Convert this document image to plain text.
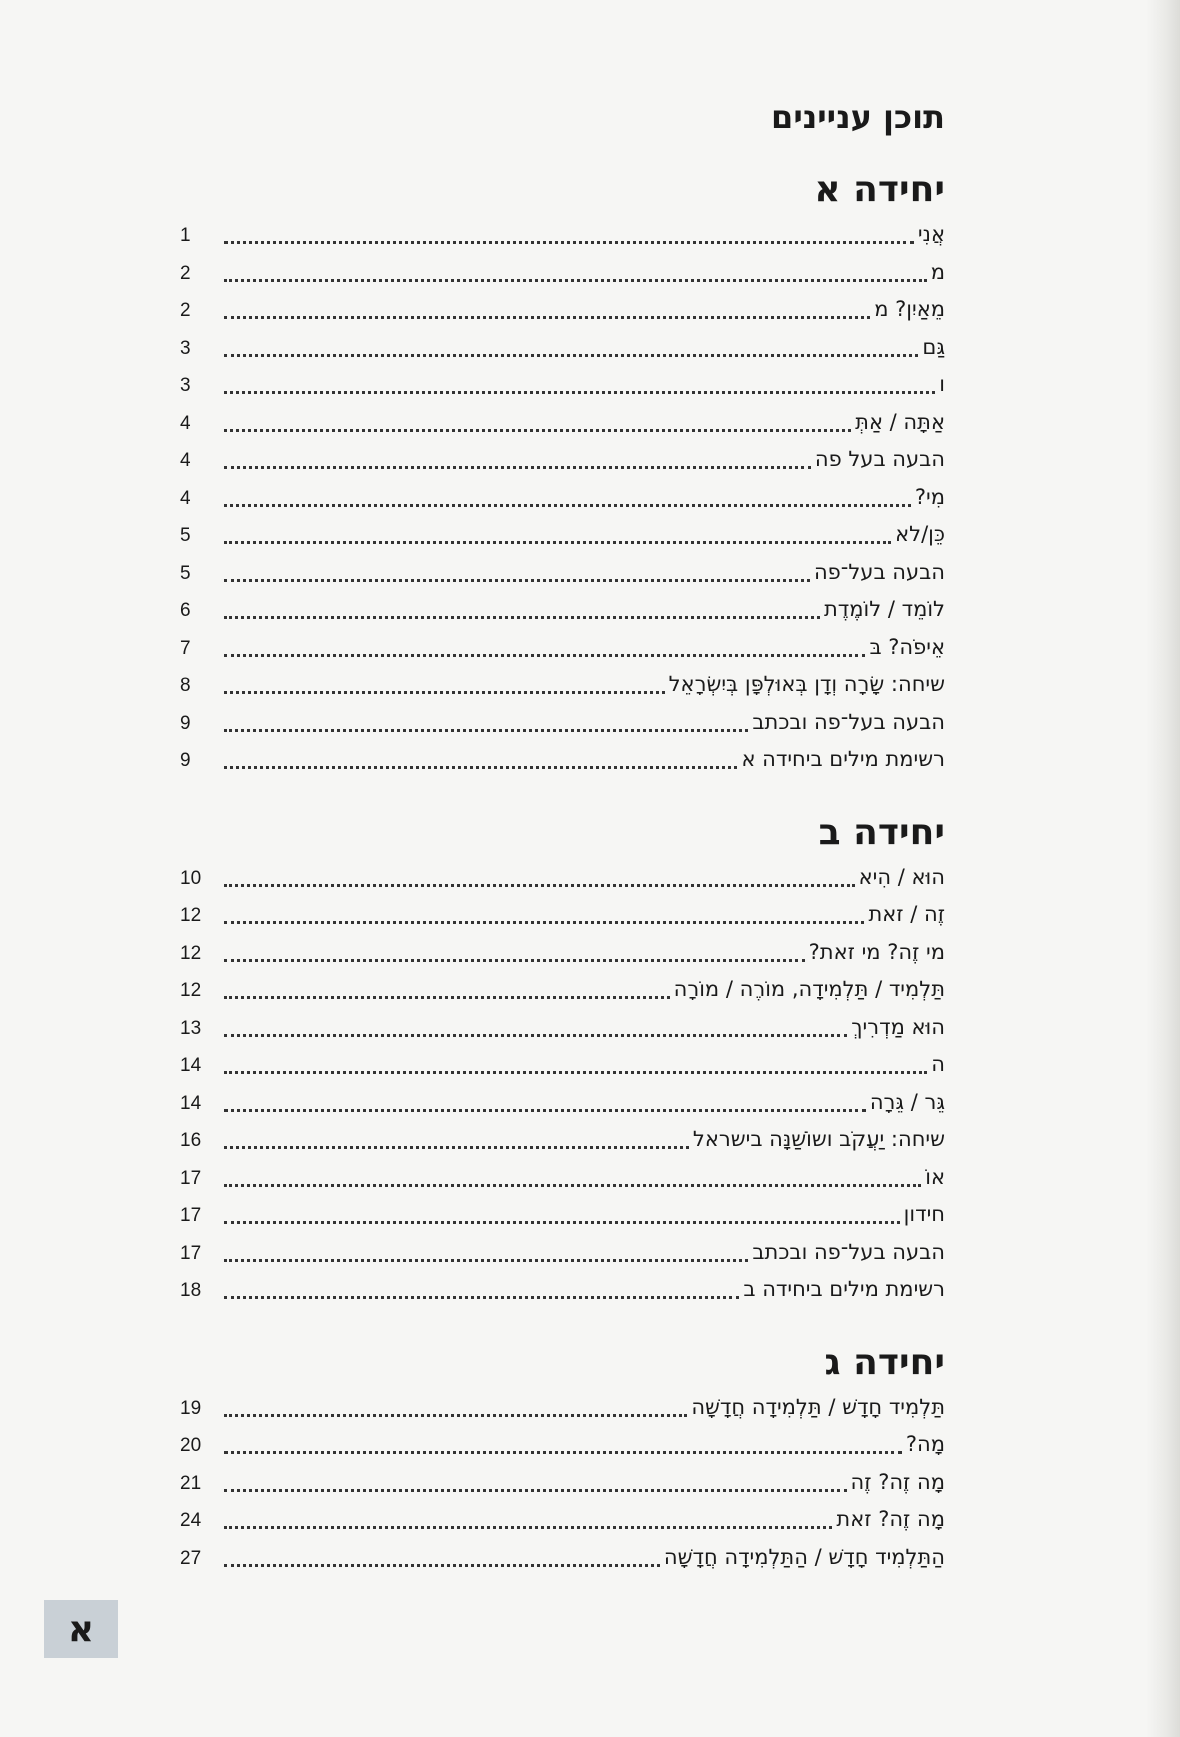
תוכן עניינים
יחידה א
אֲנִי
1
מ
2
מֵאַיִן? מ
2
גַּם
3
ו
3
אַתָּה / אַתְּ
4
הבעה בעל פה
4
מִי?
4
כֵּן/לא
5
הבעה בעל־פה
5
לוֹמֵד / לוֹמֶדֶת
6
אֵיפֹה? בּ
7
שיחה: שָׂרָה וְדָן בְּאוּלְפָּן בְּיִשְׂרָאֵל
8
הבעה בעל־פה ובכתב
9
רשימת מילים ביחידה א
9
יחידה ב
הוּא / הִיא
10
זֶה / זאת
12
מי זֶה? מי זאת?
12
תַּלְמִיד / תַּלְמִידָה, מוֹרֶה / מוֹרָה
12
הוּא מַדְרִיךְ
13
ה
14
גֵּר / גֵּרָה
14
שיחה: יַעֲקֹב ושוֹשַׁנָּה בישראל
16
אוֹ
17
חידון
17
הבעה בעל־פה ובכתב
17
רשימת מילים ביחידה ב
18
יחידה ג
תַּלְמִיד חָדָשׁ / תַּלְמִידָה חֲדָשָׁה
19
מָה?
20
מָה זֶה? זֶה
21
מָה זֶה? זאת
24
הַתַּלְמִיד חָדָשׁ / הַתַּלְמִידָה חֲדָשָׁה
27
א
